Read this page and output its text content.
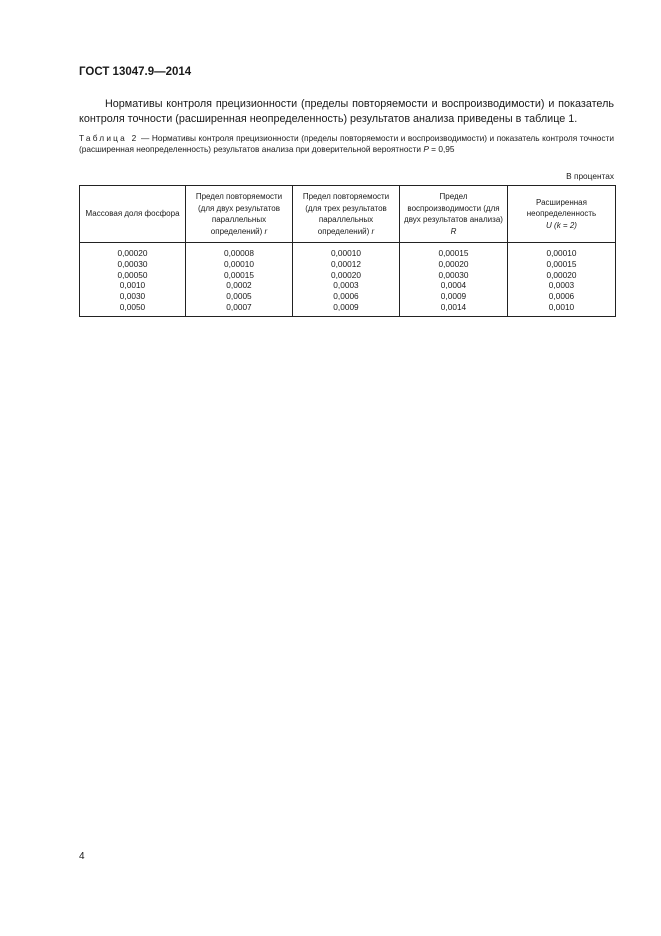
ГОСТ 13047.9—2014

Нормативы контроля прецизионности (пределы повторяемости и воспроизводимости) и показатель контроля точности (расширенная неопределенность) результатов анализа приведены в таблице 1.

Таблица 2 — Нормативы контроля прецизионности (пределы повторяемости и воспроизводимости) и показатель контроля точности (расширенная неопределенность) результатов анализа при доверительной вероятности P = 0,95

В процентах
Массовая доля фосфора	Предел повторяемости (для двух результатов параллельных определений) r	Предел повторяемости (для трех результатов параллельных определений) r	Предел воспроизводимости (для двух результатов анализа) R	Расширенная неопределенность
U (k = 2)
0,00020	0,00008	0,00010	0,00015	0,00010
0,00030	0,00010	0,00012	0,00020	0,00015
0,00050	0,00015	0,00020	0,00030	0,00020
0,0010	0,0002	0,0003	0,0004	0,0003
0,0030	0,0005	0,0006	0,0009	0,0006
0,0050	0,0007	0,0009	0,0014	0,0010
4
